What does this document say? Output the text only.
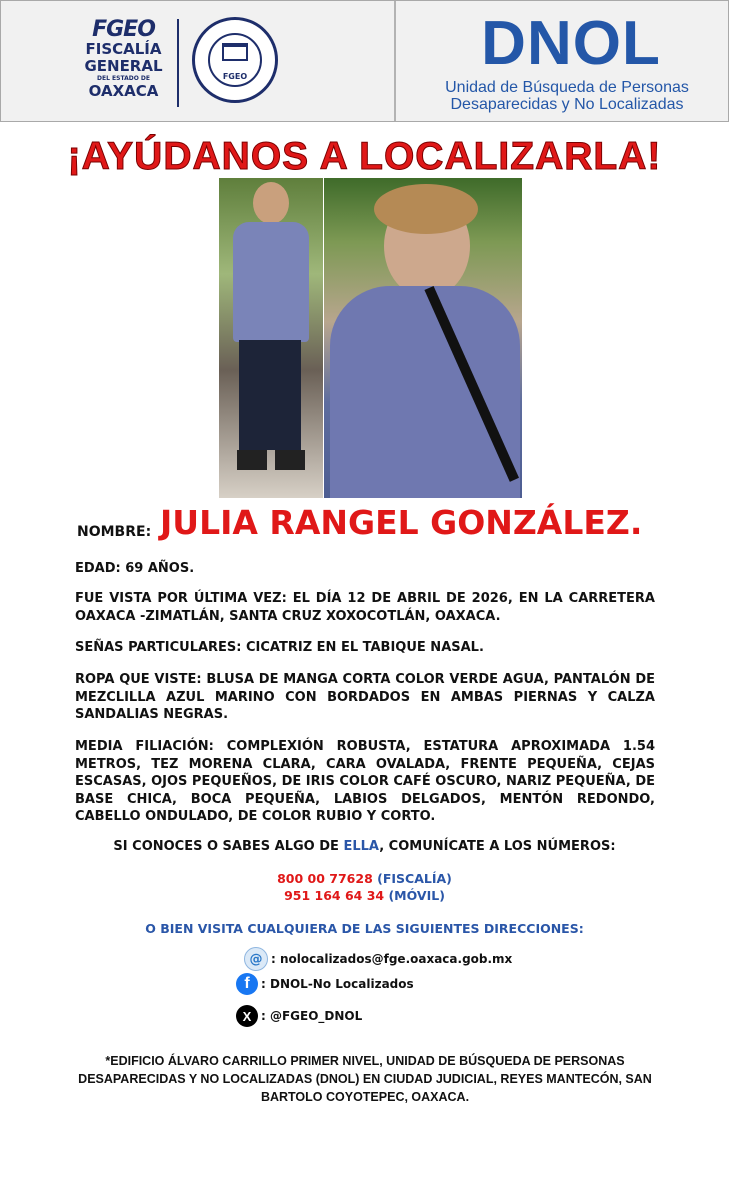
FGEO
FISCALÍA
GENERAL
DEL ESTADO DE
OAXACA
FGEO	DNOL
Unidad de Búsqueda de Personas
Desaparecidas y No Localizadas
¡AYÚDANOS A LOCALIZARLA!
NOMBRE: JULIA RANGEL GONZÁLEZ.
EDAD: 69 AÑOS.
FUE VISTA POR ÚLTIMA VEZ: EL DÍA 12 DE ABRIL DE 2026, EN LA CARRETERA OAXACA -ZIMATLÁN, SANTA CRUZ XOXOCOTLÁN, OAXACA.
SEÑAS PARTICULARES: CICATRIZ EN EL TABIQUE NASAL.
ROPA QUE VISTE: BLUSA DE MANGA CORTA COLOR VERDE AGUA, PANTALÓN DE MEZCLILLA AZUL MARINO CON BORDADOS EN AMBAS PIERNAS Y CALZA SANDALIAS NEGRAS.
MEDIA FILIACIÓN: COMPLEXIÓN ROBUSTA, ESTATURA APROXIMADA 1.54 METROS, TEZ MORENA CLARA, CARA OVALADA, FRENTE PEQUEÑA, CEJAS ESCASAS, OJOS PEQUEÑOS, DE IRIS COLOR CAFÉ OSCURO, NARIZ PEQUEÑA, DE BASE CHICA, BOCA PEQUEÑA, LABIOS DELGADOS, MENTÓN REDONDO, CABELLO ONDULADO, DE COLOR RUBIO Y CORTO.
SI CONOCES O SABES ALGO DE ELLA, COMUNÍCATE A LOS NÚMEROS:
800 00 77628 (FISCALÍA)
951 164 64 34 (MÓVIL)
O BIEN VISITA CUALQUIERA DE LAS SIGUIENTES DIRECCIONES:
@ : nolocalizados@fge.oaxaca.gob.mx
f : DNOL-No Localizados
X : @FGEO_DNOL
*EDIFICIO ÁLVARO CARRILLO PRIMER NIVEL, UNIDAD DE BÚSQUEDA DE PERSONAS DESAPARECIDAS Y NO LOCALIZADAS (DNOL) EN CIUDAD JUDICIAL, REYES MANTECÓN, SAN BARTOLO COYOTEPEC, OAXACA.
